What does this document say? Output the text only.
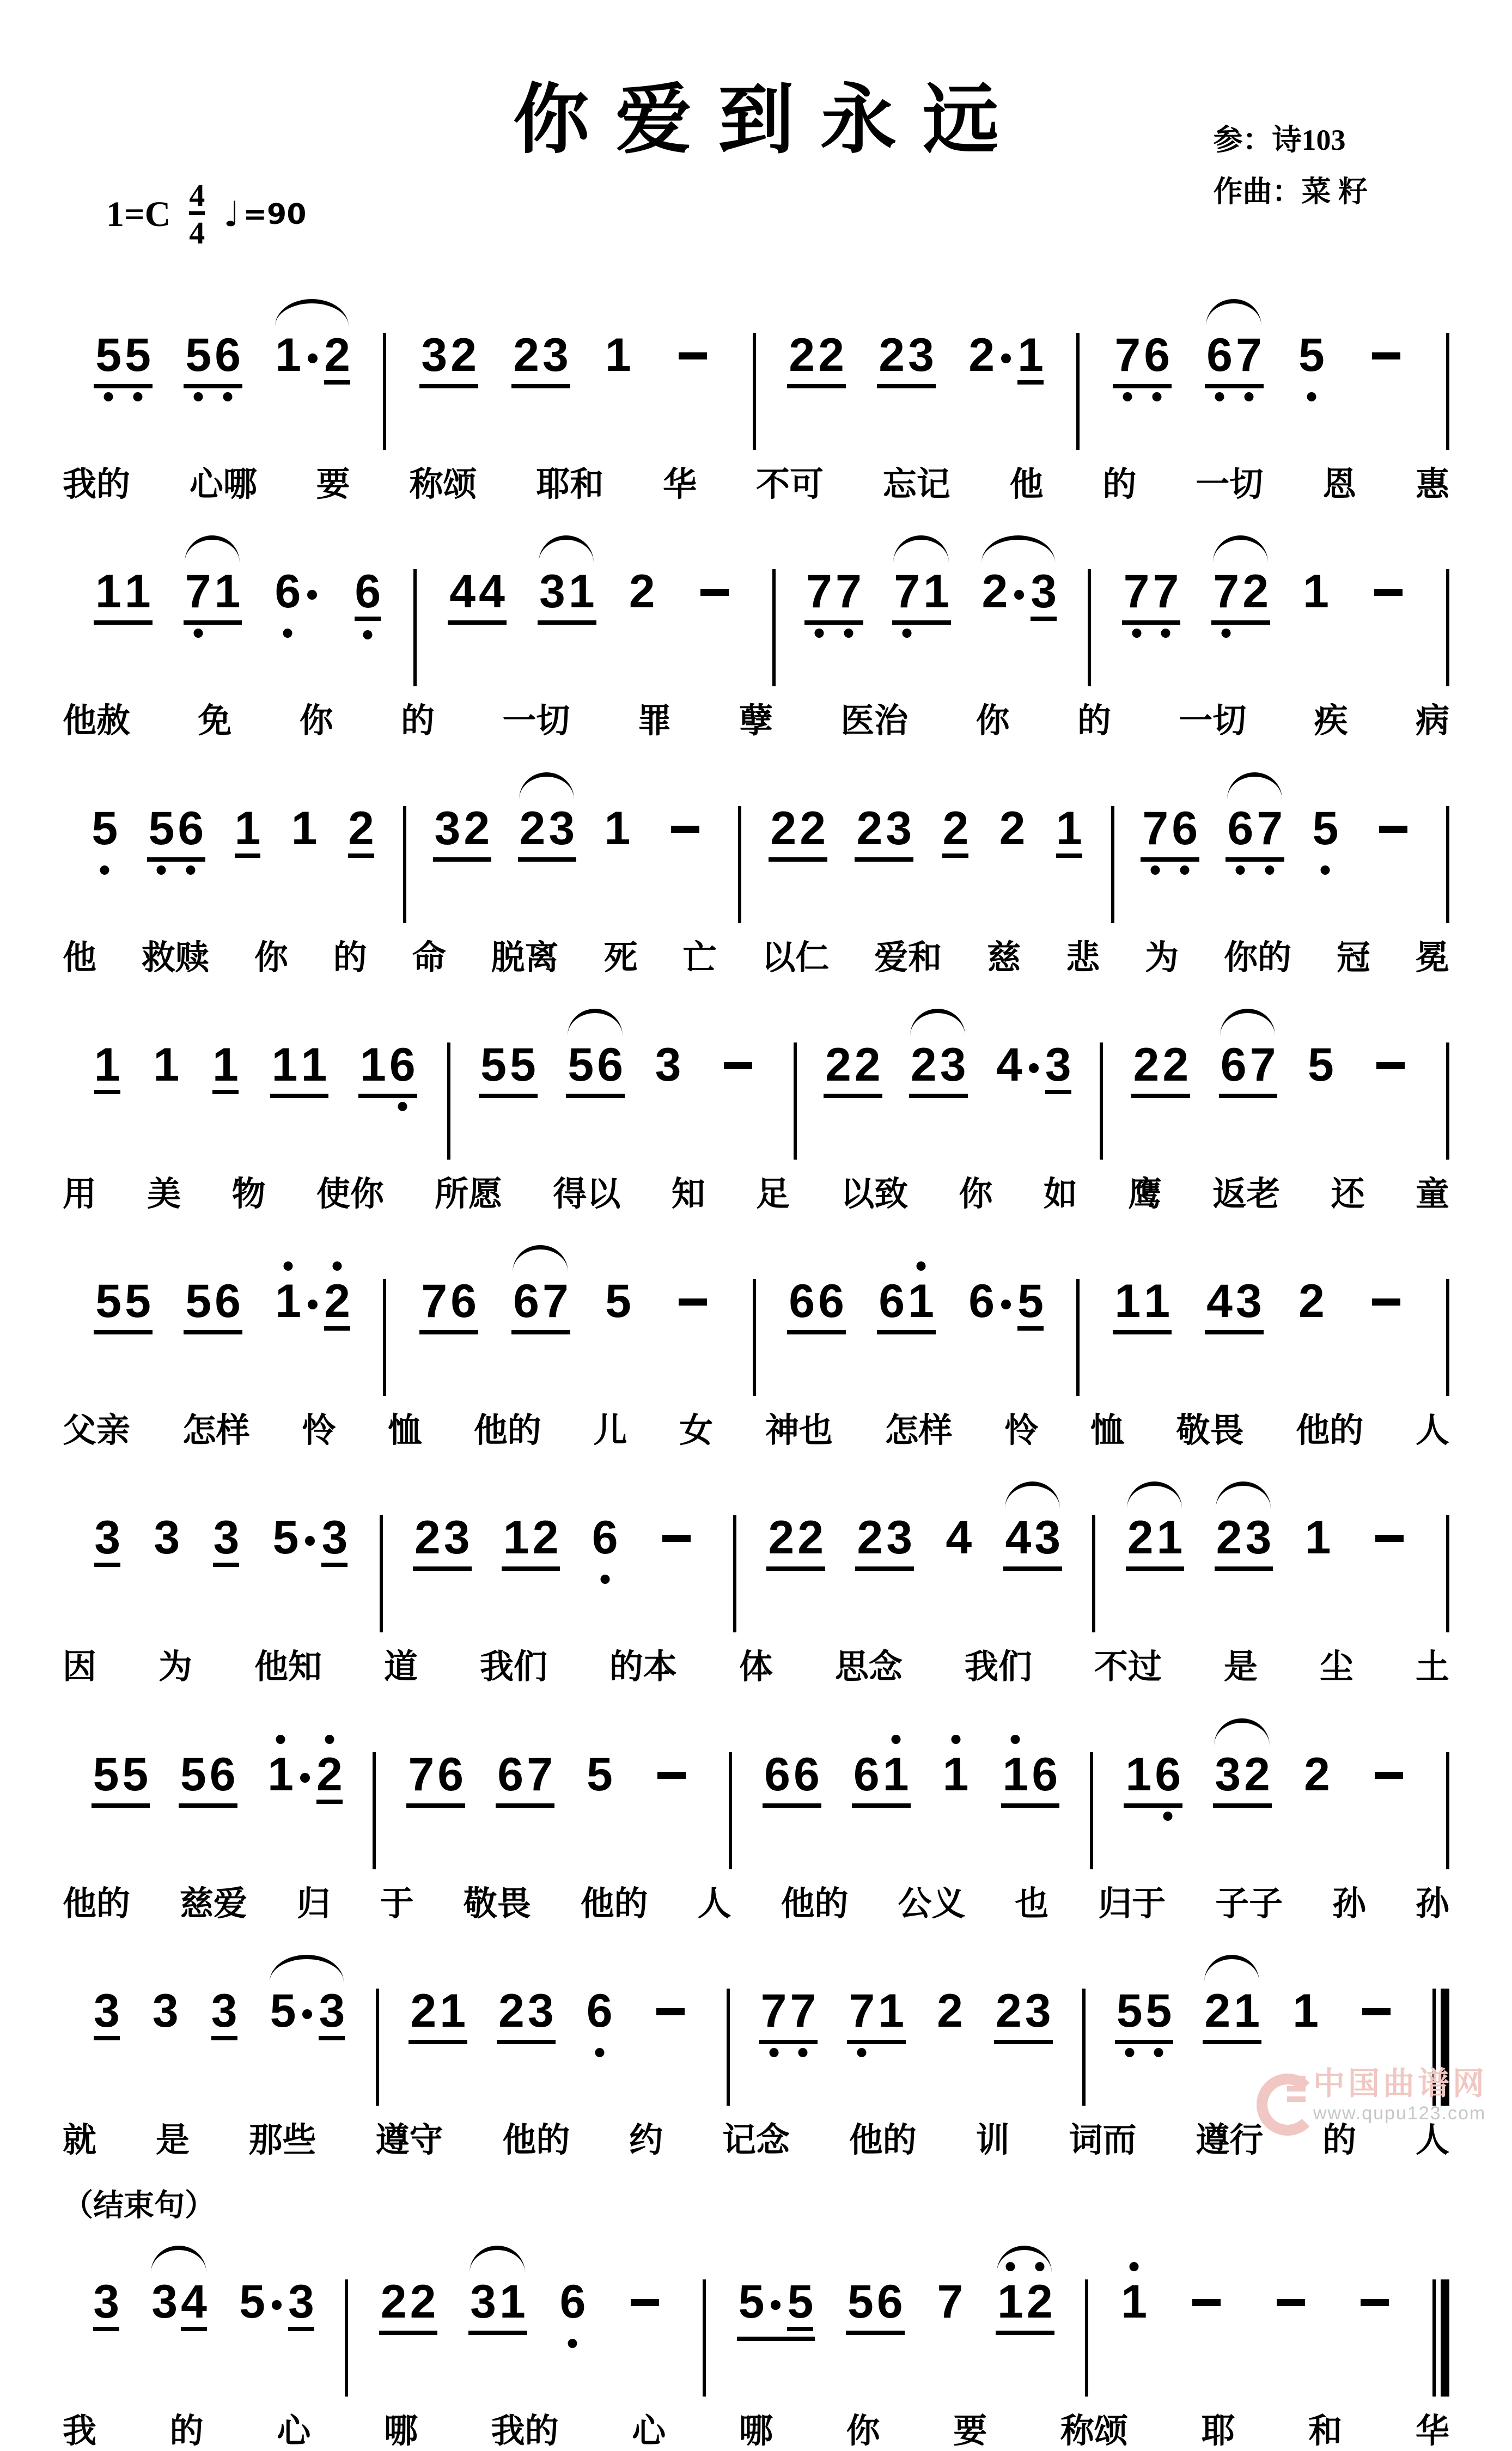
你爱到永远	参：诗103
作曲：菜 籽
$1=C \frac{4}{4}$ ♩ =90
5 5 5 6 1 2 3 2 2 3 1	2 2 2 3 2 1 7 6 6 7 5
我的 心哪 要 称颂 耶和 华 不可 忘记 他 的 一切 恩 惠
1 1 7 1 6 6 4 4 3 1 2	7 7 7 1 2 3 7 7 7 2 1
他赦 免 你 的 一切 罪 孽 医治 你 的 一切 疾 病
5 5 6 1 1 2 3 2 2 3 1	2 2 2 3 2 2 1 7 6 6 7 5
他 救赎 你 的 命 脱离 死 亡 以仁 爱和 慈 悲 为 你的 冠 冕
1 1 1 1 1 1 6 5 5 5 6 3	2 2 2 3 4 3 2 2 6 7 5
用 美 物 使你 所愿 得以 知 足 以致 你 如 鹰 返老 还 童
5 5 5 6 1 2 7 6 6 7 5	6 6 6 1 6 5 1 1 4 3 2
父亲 怎样 怜 恤 他的 儿 女 神也 怎样 怜 恤 敬畏 他的 人
3 3 3 5 3 2 3 1 2 6	2 2 2 3 4 4 3 2 1 2 3 1
因 为 他知 道 我们 的本 体 思念 我们 不过 是 尘 土
5 5 5 6 1 2 7 6 6 7 5	6 6 6 1 1 1 6 1 6 3 2 2
他的 慈爱 归 于 敬畏 他的 人 他的 公义 也 归于 子子 孙 孙
3 3 3 5 3 2 1 2 3 6	7 7 7 1 2 2 3 5 5 2 1 1
就 是 那些 遵守 他的 约 记念 他的 训 词而 遵行 的 人
（结束句）
3 3 4 5 3 2 2 3 1 6	5 5 5 6 7 1 2 1
我 的 心 哪 我的 心 哪 你 要 称颂 耶 和 华
中国曲谱网
www.qupu123.com
